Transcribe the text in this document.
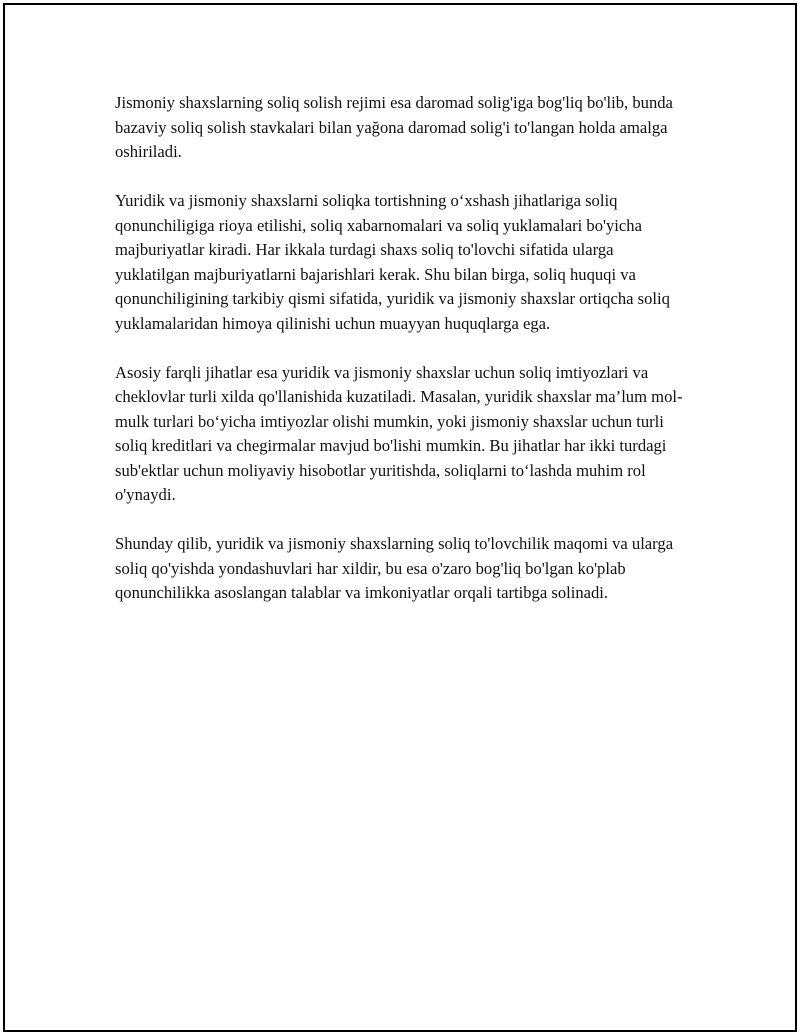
Jismoniy shaxslarning soliq solish rejimi esa daromad solig'iga bog'liq bo'lib, bunda bazaviy soliq solish stavkalari bilan yağona daromad solig'i to'langan holda amalga oshiriladi.

Yuridik va jismoniy shaxslarni soliqka tortishning oʻxshash jihatlariga soliq qonunchiligiga rioya etilishi, soliq xabarnomalari va soliq yuklamalari bo'yicha majburiyatlar kiradi. Har ikkala turdagi shaxs soliq to'lovchi sifatida ularga yuklatilgan majburiyatlarni bajarishlari kerak. Shu bilan birga, soliq huquqi va qonunchiligining tarkibiy qismi sifatida, yuridik va jismoniy shaxslar ortiqcha soliq yuklamalaridan himoya qilinishi uchun muayyan huquqlarga ega.

Asosiy farqli jihatlar esa yuridik va jismoniy shaxslar uchun soliq imtiyozlari va cheklovlar turli xilda qo'llanishida kuzatiladi. Masalan, yuridik shaxslar ma’lum mol-mulk turlari boʻyicha imtiyozlar olishi mumkin, yoki jismoniy shaxslar uchun turli soliq kreditlari va chegirmalar mavjud bo'lishi mumkin. Bu jihatlar har ikki turdagi sub'ektlar uchun moliyaviy hisobotlar yuritishda, soliqlarni toʻlashda muhim rol o'ynaydi.

Shunday qilib, yuridik va jismoniy shaxslarning soliq to'lovchilik maqomi va ularga soliq qo'yishda yondashuvlari har xildir, bu esa o'zaro bog'liq bo'lgan ko'plab qonunchilikka asoslangan talablar va imkoniyatlar orqali tartibga solinadi.
